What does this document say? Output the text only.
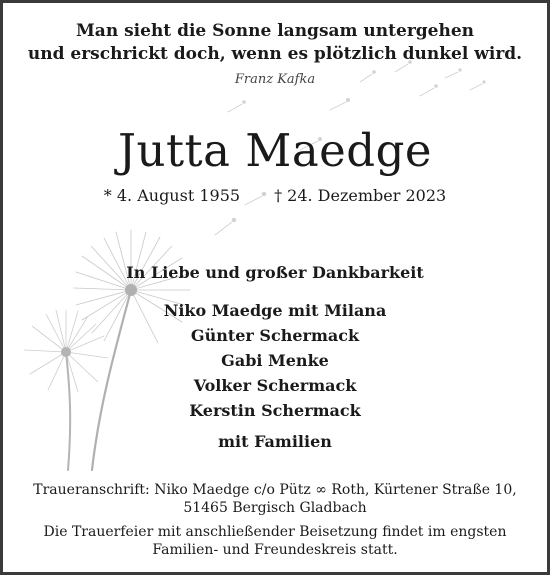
Man sieht die Sonne langsam untergehen
und erschrickt doch, wenn es plötzlich dunkel wird.
Franz Kafka
Jutta Maedge
* 4. August 1955 † 24. Dezember 2023
In Liebe und großer Dankbarkeit
Niko Maedge mit Milana
Günter Schermack
Gabi Menke
Volker Schermack
Kerstin Schermack
mit Familien
Traueranschrift: Niko Maedge c/o Pütz ∞ Roth, Kürtener Straße 10,
51465 Bergisch Gladbach
Die Trauerfeier mit anschließender Beisetzung findet im engsten
Familien- und Freundeskreis statt.
